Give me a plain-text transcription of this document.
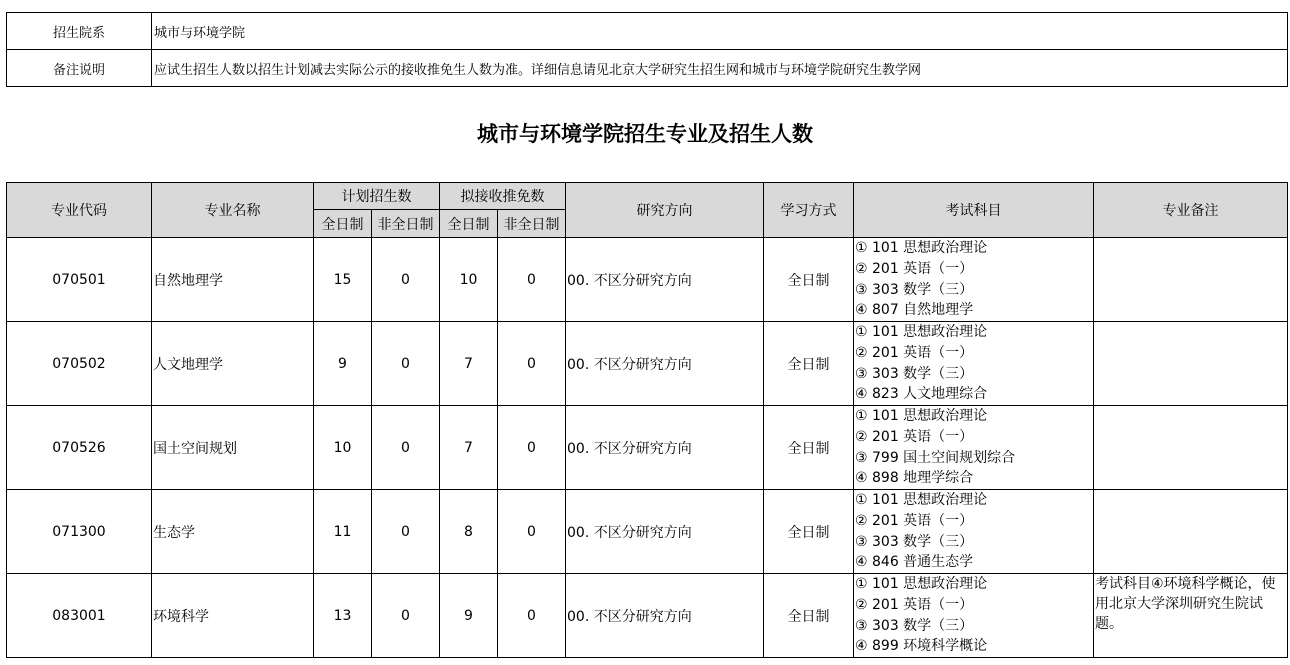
招生院系	城市与环境学院
备注说明	应试生招生人数以招生计划减去实际公示的接收推免生人数为准。详细信息请见北京大学研究生招生网和城市与环境学院研究生教学网
城市与环境学院招生专业及招生人数
专业代码	专业名称	计划招生数		拟接收推免数		研究方向	学习方式	考试科目	专业备注
		全日制	非全日制	全日制	非全日制				
070501	自然地理学	15	0	10	0	00. 不区分研究方向	全日制	① 101 思想政治理论
② 201 英语（一）
③ 303 数学（三）
④ 807 自然地理学	

070502	人文地理学	9	0	7	0	00. 不区分研究方向	全日制	① 101 思想政治理论
② 201 英语（一）
③ 303 数学（三）
④ 823 人文地理综合	

070526	国土空间规划	10	0	7	0	00. 不区分研究方向	全日制	① 101 思想政治理论
② 201 英语（一）
③ 799 国土空间规划综合
④ 898 地理学综合	

071300	生态学	11	0	8	0	00. 不区分研究方向	全日制	① 101 思想政治理论
② 201 英语（一）
③ 303 数学（三）
④ 846 普通生态学	

083001	环境科学	13	0	9	0	00. 不区分研究方向	全日制	① 101 思想政治理论
② 201 英语（一）
③ 303 数学（三）
④ 899 环境科学概论	考试科目④环境科学概论，使用北京大学深圳研究生院试题。
